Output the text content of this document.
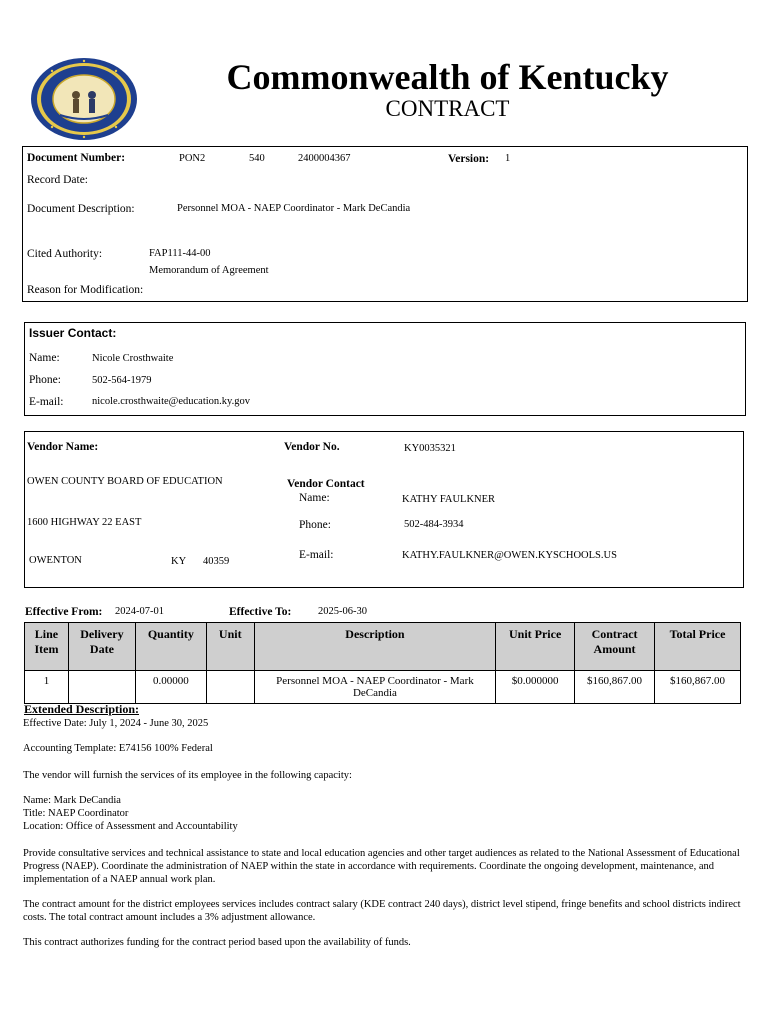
Commonwealth of Kentucky
CONTRACT
Document Number:	PON2	540	2400004367	Version: 1
Record Date:
Document Description:	Personnel MOA - NAEP Coordinator - Mark DeCandia
Cited Authority:	FAP111-44-00
Memorandum of Agreement
Reason for Modification:
Issuer Contact:
Name:	Nicole Crosthwaite
Phone:	502-564-1979
E-mail:	nicole.crosthwaite@education.ky.gov
Vendor Name:
OWEN COUNTY BOARD OF EDUCATION
1600 HIGHWAY 22 EAST
OWENTON	KY 40359
Vendor No.	KY0035321
Vendor Contact
Name:	KATHY FAULKNER
Phone:	502-484-3934
E-mail:	KATHY.FAULKNER@OWEN.KYSCHOOLS.US
Effective From: 2024-07-01	Effective To:	2025-06-30
Line Item	Delivery Date	Quantity	Unit	Description	Unit Price	Contract Amount	Total Price
1		0.00000		Personnel MOA - NAEP Coordinator - Mark DeCandia	$0.000000	$160,867.00	$160,867.00
Extended Description:
Effective Date: July 1, 2024 - June 30, 2025
Accounting Template: E74156 100% Federal
The vendor will furnish the services of its employee in the following capacity:
Name: Mark DeCandia
Title: NAEP Coordinator
Location: Office of Assessment and Accountability
Provide consultative services and technical assistance to state and local education agencies and other target audiences as related to the National Assessment of Educational Progress (NAEP). Coordinate the administration of NAEP within the state in accordance with requirements. Coordinate the ongoing development, maintenance, and implementation of a NAEP annual work plan.
The contract amount for the district employees services includes contract salary (KDE contract 240 days), district level stipend, fringe benefits and school districts indirect costs. The total contract amount includes a 3% adjustment allowance.
This contract authorizes funding for the contract period based upon the availability of funds.
